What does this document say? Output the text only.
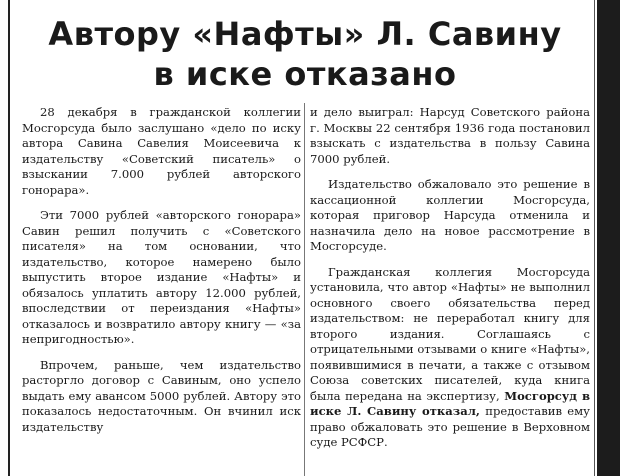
Автору «Нафты» Л. Савину
в иске отказано

28 декабря в гражданской коллегии Мосгорсуда было заслушано «дело по иску автора Савина Савелия Моисеевича к издательству «Советский писатель» о взыскании 7.000 рублей авторского гонорара».

Эти 7000 рублей «авторского гонорара» Савин решил получить с «Советского писателя» на том основании, что издательство, которое намерено было выпустить второе издание «Нафты» и обязалось уплатить автору 12.000 рублей, впоследствии от переиздания «Нафты» отказалось и возвратило автору книгу — «за непригодностью».

Впрочем, раньше, чем издательство расторгло договор с Савиным, оно успело выдать ему авансом 5000 рублей. Автору это показалось недостаточным. Он вчинил иск издательству

и дело выиграл: Нарсуд Советского района г. Москвы 22 сентября 1936 года постановил взыскать с издательства в пользу Савина 7000 рублей.

Издательство обжаловало это решение в кассационной коллегии Мосгорсуда, которая приговор Нарсуда отменила и назначила дело на новое рассмотрение в Мосгорсуде.

Гражданская коллегия Мосгорсуда установила, что автор «Нафты» не выполнил основного своего обязательства перед издательством: не переработал книгу для второго издания. Соглашаясь с отрицательными отзывами о книге «Нафты», появившимися в печати, а также с отзывом Союза советских писателей, куда книга была передана на экспертизу, Мосгорсуд в иске Л. Савину отказал, предоставив ему право обжаловать это решение в Верховном суде РСФСР.
